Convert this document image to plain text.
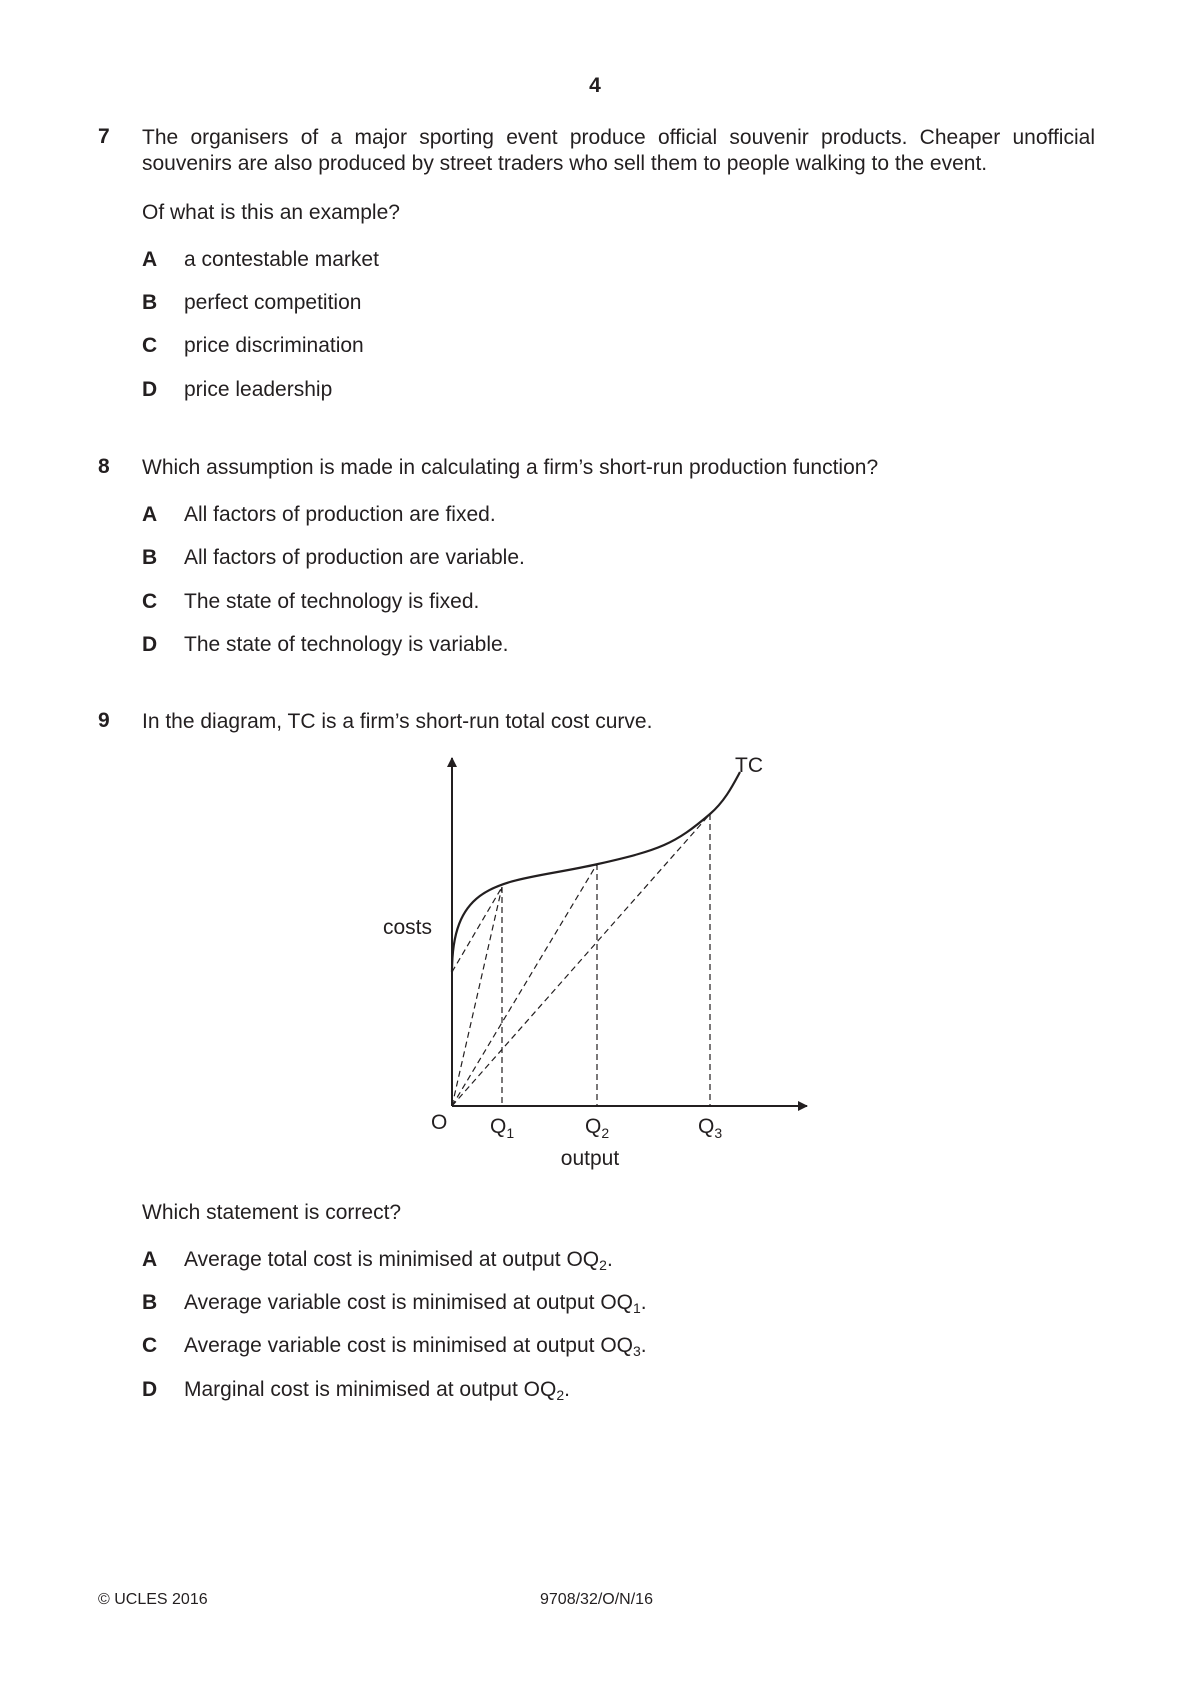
4
7 The organisers of a major sporting event produce official souvenir products. Cheaper unofficial souvenirs are also produced by street traders who sell them to people walking to the event.
Of what is this an example?
A a contestable market
B perfect competition
C price discrimination
D price leadership
8 Which assumption is made in calculating a firm’s short-run production function?
A All factors of production are fixed.
B All factors of production are variable.
C The state of technology is fixed.
D The state of technology is variable.
9 In the diagram, TC is a firm’s short-run total cost curve.
TC
costs
O $Q_1$	$Q_2$	$Q_3$
output
Which statement is correct?
A Average total cost is minimised at output $OQ_2$.
B Average variable cost is minimised at output $OQ_1$.
C Average variable cost is minimised at output $OQ_3$.
D Marginal cost is minimised at output $OQ_2$.
© UCLES 2016	9708/32/O/N/16
